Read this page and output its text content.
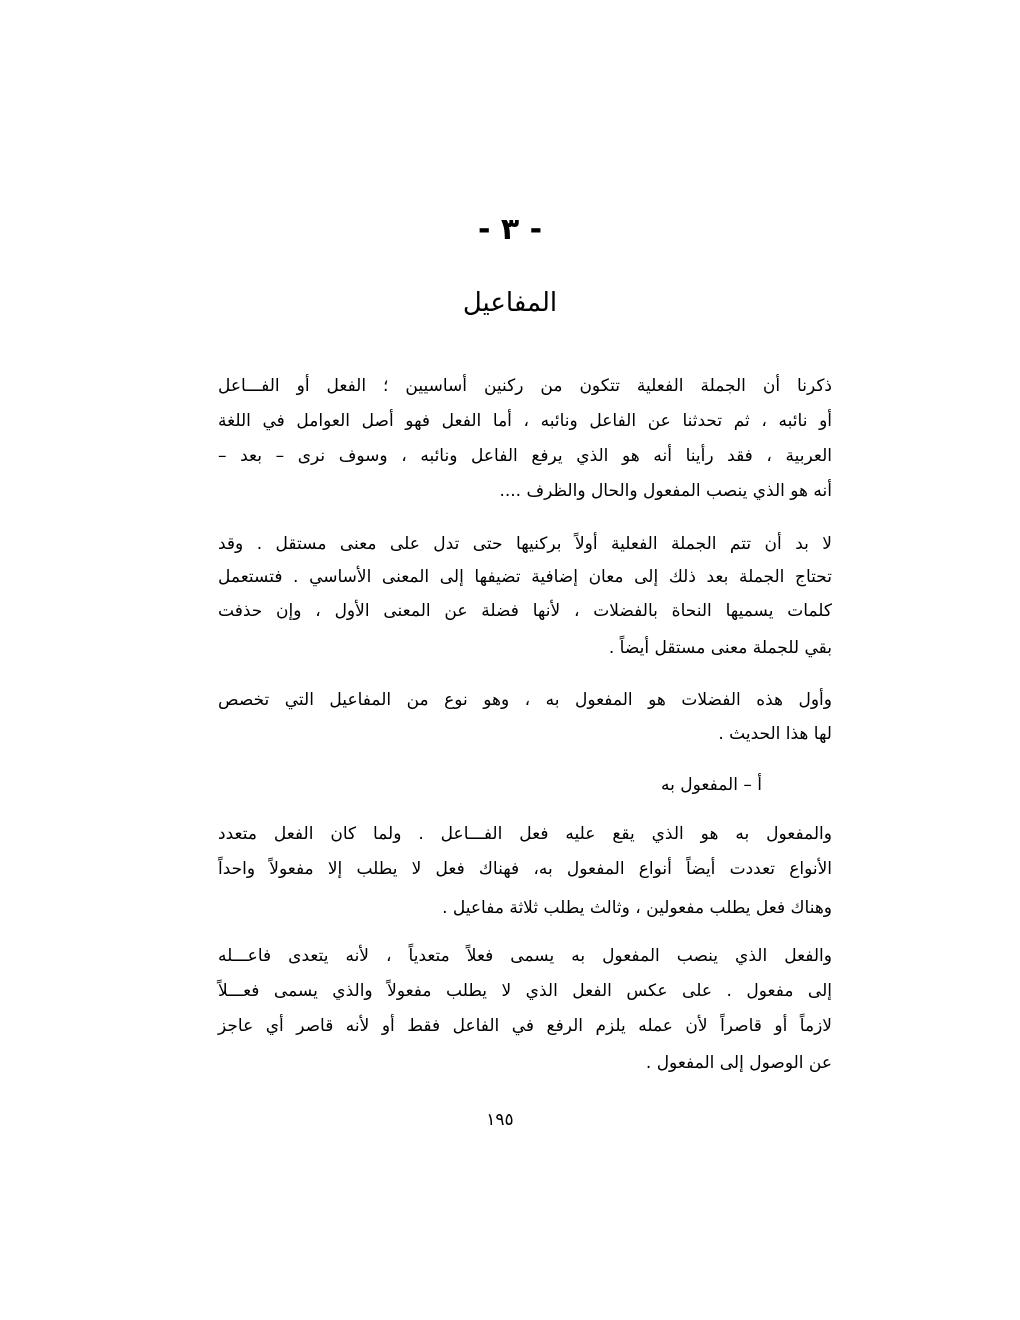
- ٣ -
المفاعيل
ذكرنا أن الجملة الفعلية تتكون من ركنين أساسيين ؛ الفعل أو الفـــاعل
أو نائبه ، ثم تحدثنا عن الفاعل ونائبه ، أما الفعل فهو أصل العوامل في اللغة
العربية ، فقد رأينا أنه هو الذي يرفع الفاعل ونائبه ، وسوف نرى – بعد –
أنه هو الذي ينصب المفعول والحال والظرف ....
لا بد أن تتم الجملة الفعلية أولاً بركنيها حتى تدل على معنى مستقل . وقد
تحتاج الجملة بعد ذلك إلى معان إضافية تضيفها إلى المعنى الأساسي . فتستعمل
كلمات يسميها النحاة بالفضلات ، لأنها فضلة عن المعنى الأول ، وإن حذفت
بقي للجملة معنى مستقل أيضاً .
وأول هذه الفضلات هو المفعول به ، وهو نوع من المفاعيل التي تخصص
لها هذا الحديث .
أ – المفعول به
والمفعول به هو الذي يقع عليه فعل الفـــاعل . ولما كان الفعل متعدد
الأنواع تعددت أيضاً أنواع المفعول به، فهناك فعل لا يطلب إلا مفعولاً واحداً
وهناك فعل يطلب مفعولين ، وثالث يطلب ثلاثة مفاعيل .
والفعل الذي ينصب المفعول به يسمى فعلاً متعدياً ، لأنه يتعدى فاعـــله
إلى مفعول . على عكس الفعل الذي لا يطلب مفعولاً والذي يسمى فعـــلاً
لازماً أو قاصراً لأن عمله يلزم الرفع في الفاعل فقط أو لأنه قاصر أي عاجز
عن الوصول إلى المفعول .
١٩٥
